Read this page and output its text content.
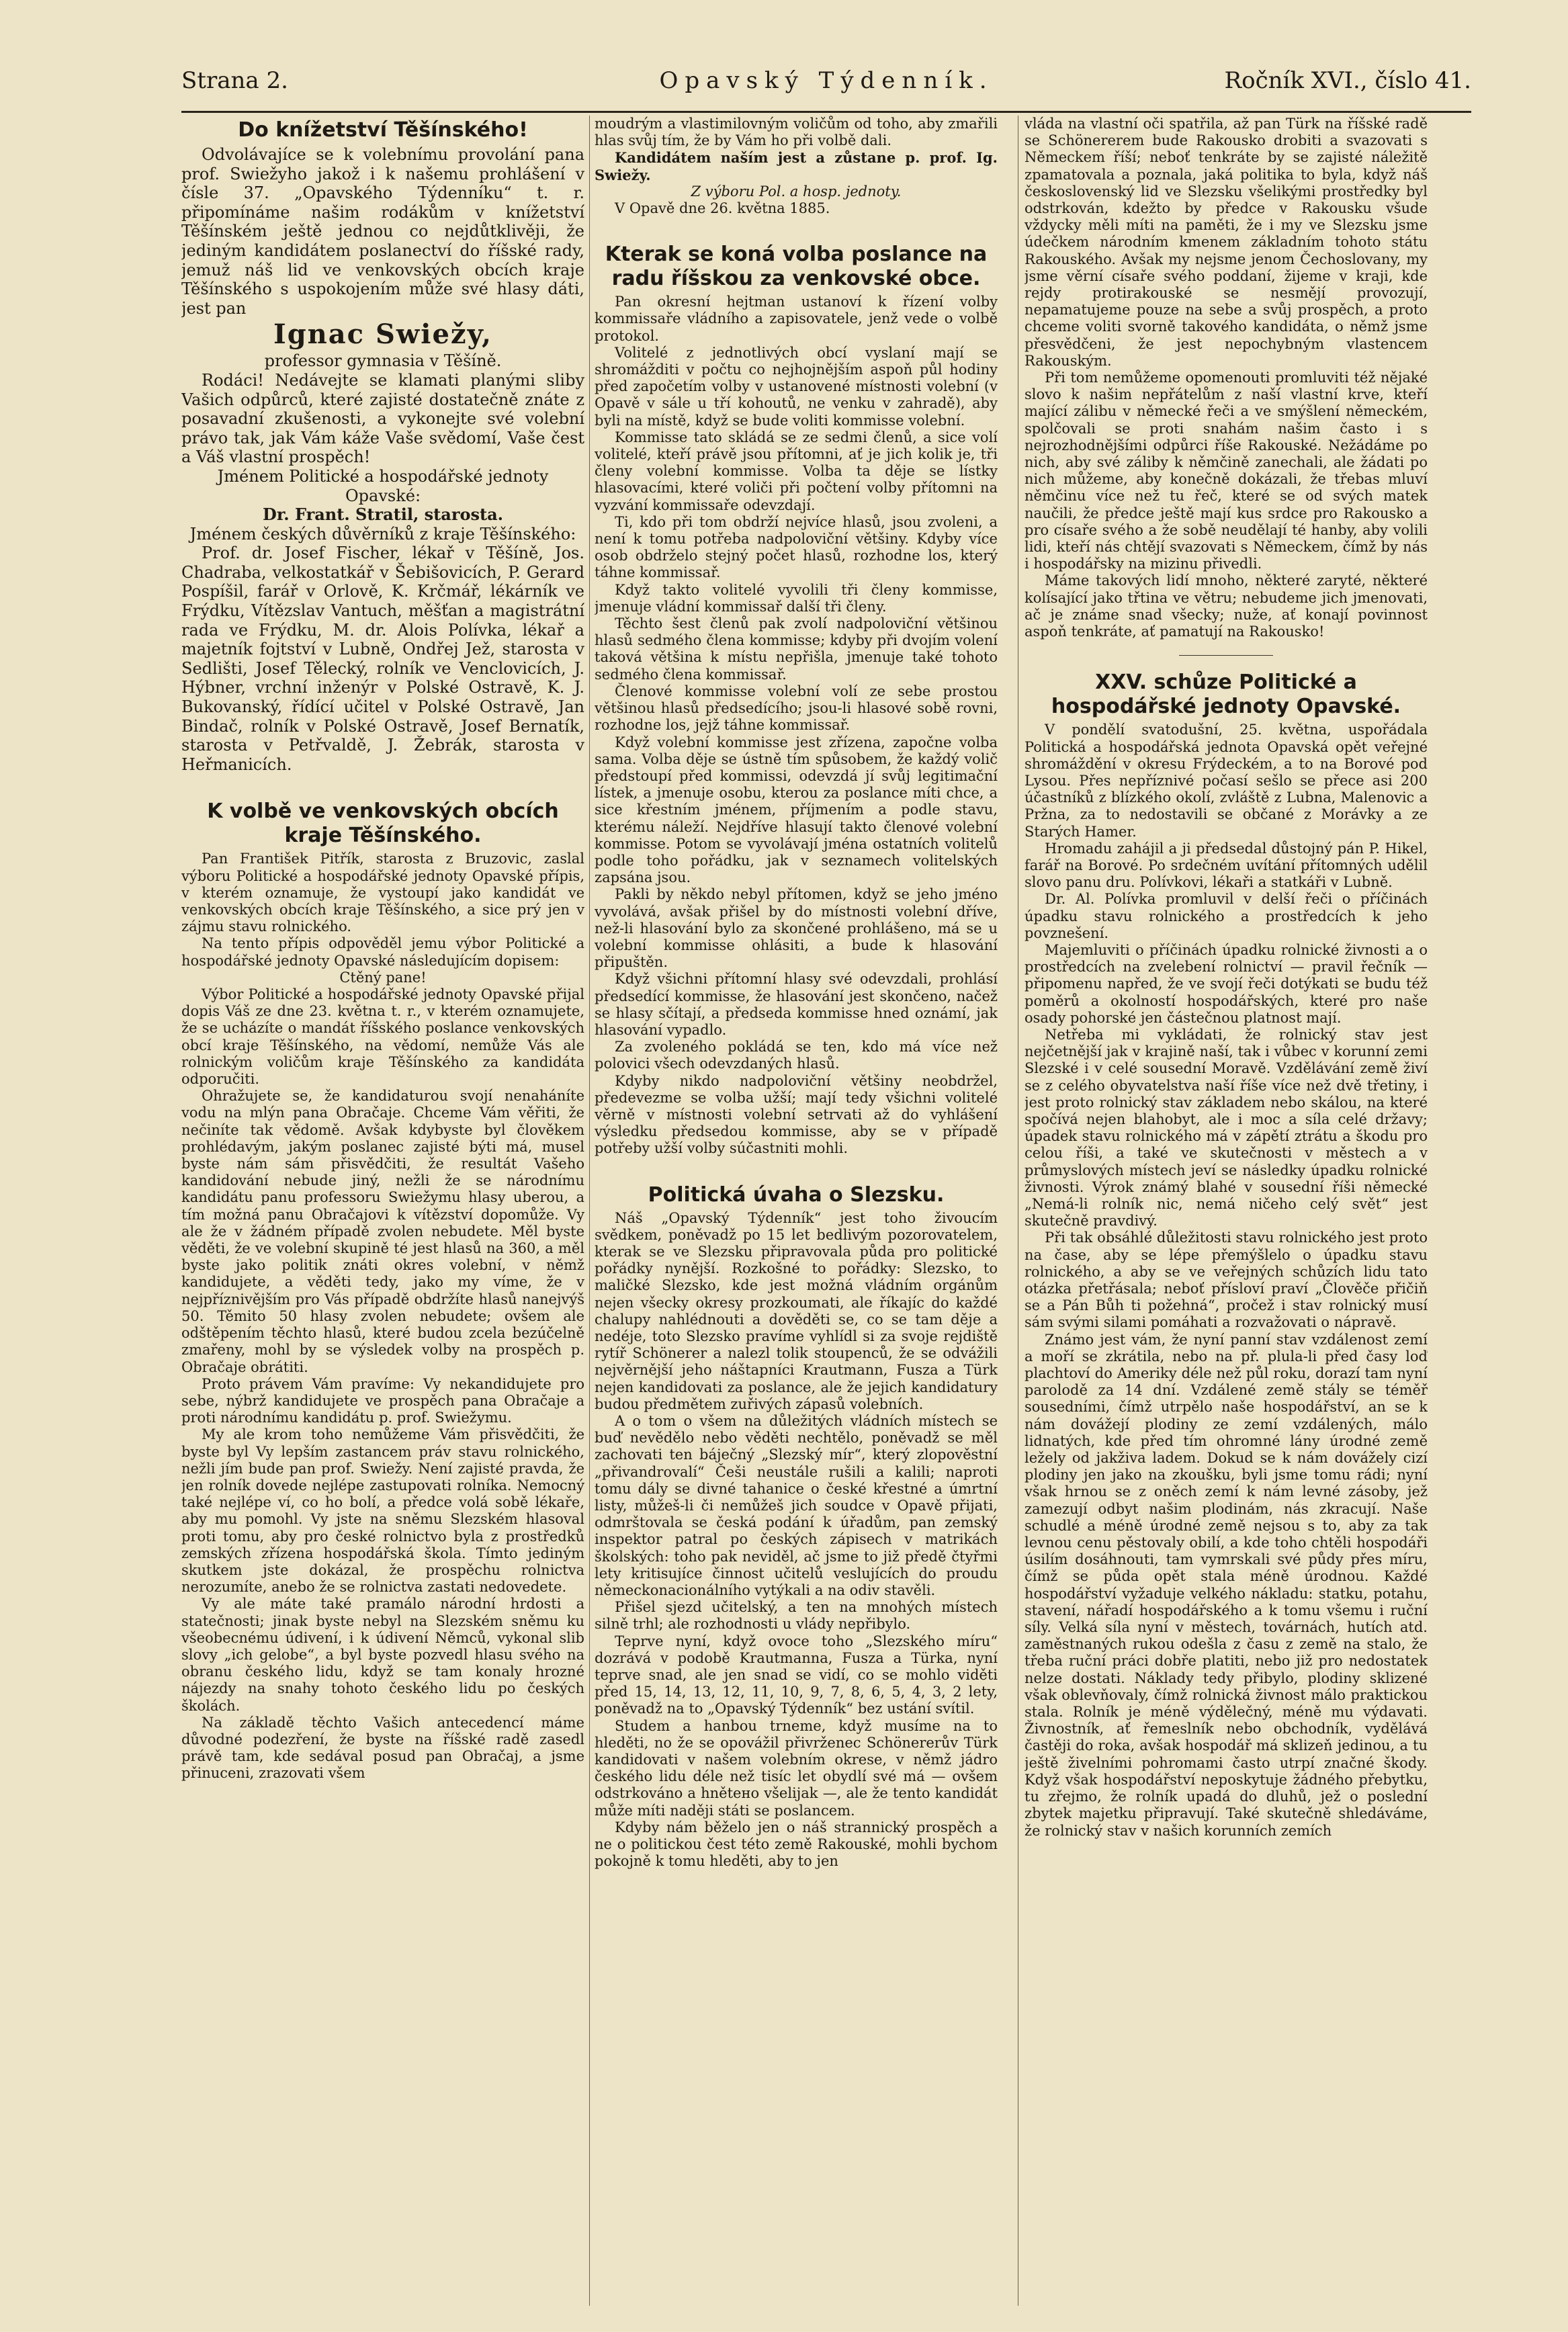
Strana 2.	Opavský Týdenník.	Ročník XVI., číslo 41.
Do knížetství Těšínského!

Odvolávajíce se k volebnímu provolání pana prof. Swiežyho jakož i k našemu prohlášení v čísle 37. „Opavského Týdenníku“ t. r. připomínáme našim rodákům v knížetství Těšínském ještě jednou co nejdůtklivěji, že jediným kandidátem poslanectví do říšské rady, jemuž náš lid ve venkovských obcích kraje Těšínského s uspokojením může své hlasy dáti, jest pan

Ignac Swiežy,

professor gymnasia v Těšíně.

Rodáci! Nedávejte se klamati planými sliby Vašich odpůrců, které zajisté dostatečně znáte z posavadní zkušenosti, a vykonejte své volební právo tak, jak Vám káže Vaše svědomí, Vaše čest a Váš vlastní prospěch!

Jménem Politické a hospodářské jednoty Opavské:

Dr. Frant. Stratil, starosta.

Jménem českých důvěrníků z kraje Těšínského:

Prof. dr. Josef Fischer, lékař v Těšíně, Jos. Chadraba, velkostatkář v Šebišovicích, P. Gerard Pospíšil, farář v Orlově, K. Krčmář, lékárník ve Frýdku, Vítězslav Vantuch, měšťan a magistrátní rada ve Frýdku, M. dr. Alois Polívka, lékař a majetník fojtství v Lubně, Ondřej Jež, starosta v Sedlišti, Josef Tělecký, rolník ve Venclovicích, J. Hýbner, vrchní inženýr v Polské Ostravě, K. J. Bukovanský, řídící učitel v Polské Ostravě, Jan Bindač, rolník v Polské Ostravě, Josef Bernatík, starosta v Petřvaldě, J. Žebrák, starosta v Heřmanicích.

K volbě ve venkovských obcích kraje Těšínského.

Pan František Pitřík, starosta z Bruzovic, zaslal výboru Politické a hospodářské jednoty Opavské přípis, v kterém oznamuje, že vystoupí jako kandidát ve venkovských obcích kraje Těšínského, a sice prý jen v zájmu stavu rolnického.

Na tento přípis odpověděl jemu výbor Politické a hospodářské jednoty Opavské následujícím dopisem:

Ctěný pane!

Výbor Politické a hospodářské jednoty Opavské přijal dopis Váš ze dne 23. května t. r., v kterém oznamujete, že se ucházíte o mandát říšského poslance venkovských obcí kraje Těšínského, na vědomí, nemůže Vás ale rolnickým voličům kraje Těšínského za kandidáta odporučiti.

Ohražujete se, že kandidaturou svojí nenaháníte vodu na mlýn pana Obračaje. Chceme Vám věřiti, že nečiníte tak vědomě. Avšak kdybyste byl člověkem prohlédavým, jakým poslanec zajisté býti má, musel byste nám sám přisvědčiti, že resultát Vašeho kandidování nebude jiný, nežli že se národnímu kandidátu panu professoru Swiežymu hlasy uberou, a tím možná panu Obračajovi k vítězství dopomůže. Vy ale že v žádném případě zvolen nebudete. Měl byste věděti, že ve volební skupině té jest hlasů na 360, a měl byste jako politik znáti okres volební, v němž kandidujete, a věděti tedy, jako my víme, že v nejpříznivějším pro Vás případě obdržíte hlasů nanejvýš 50. Těmito 50 hlasy zvolen nebudete; ovšem ale odštěpením těchto hlasů, které budou zcela bezúčelně zmařeny, mohl by se výsledek volby na prospěch p. Obračaje obrátiti.

Proto právem Vám pravíme: Vy nekandidujete pro sebe, nýbrž kandidujete ve prospěch pana Obračaje a proti národnímu kandidátu p. prof. Swiežymu.

My ale krom toho nemůžeme Vám přisvědčiti, že byste byl Vy lepším zastancem práv stavu rolnického, nežli jím bude pan prof. Swiežy. Není zajisté pravda, že jen rolník dovede nejlépe zastupovati rolníka. Nemocný také nejlépe ví, co ho bolí, a předce volá sobě lékaře, aby mu pomohl. Vy jste na sněmu Slezském hlasoval proti tomu, aby pro české rolnictvo byla z prostředků zemských zřízena hospodářská škola. Tímto jediným skutkem jste dokázal, že prospěchu rolnictva nerozumíte, anebo že se rolnictva zastati nedovedete.

Vy ale máte také pramálo národní hrdosti a statečnosti; jinak byste nebyl na Slezském sněmu ku všeobecnému údivení, i k údivení Němců, vykonal slib slovy „ich gelobe“, a byl byste pozvedl hlasu svého na obranu českého lidu, když se tam konaly hrozné nájezdy na snahy tohoto českého lidu po českých školách.

Na základě těchto Vašich antecedencí máme důvodné podezření, že byste na říšské radě zasedl právě tam, kde sedával posud pan Obračaj, a jsme přinuceni, zrazovati všem

moudrým a vlastimilovným voličům od toho, aby zmařili hlas svůj tím, že by Vám ho při volbě dali.

Kandidátem naším jest a zůstane p. prof. Ig. Swiežy.

Z výboru Pol. a hosp. jednoty.

V Opavě dne 26. května 1885.

Kterak se koná volba poslance na radu říšskou za venkovské obce.

Pan okresní hejtman ustanoví k řízení volby kommissaře vládního a zapisovatele, jenž vede o volbě protokol.

Volitelé z jednotlivých obcí vyslaní mají se shromážditi v počtu co nejhojnějším aspoň půl hodiny před započetím volby v ustanovené místnosti volební (v Opavě v sále u tří kohoutů, ne venku v zahradě), aby byli na místě, když se bude voliti kommisse volební.

Kommisse tato skládá se ze sedmi členů, a sice volí volitelé, kteří právě jsou přítomni, ať je jich kolik je, tři členy volební kommisse. Volba ta děje se lístky hlasovacími, které voliči při počtení volby přítomni na vyzvání kommissaře odevzdají.

Ti, kdo při tom obdrží nejvíce hlasů, jsou zvoleni, a není k tomu potřeba nadpoloviční většiny. Kdyby více osob obdrželo stejný počet hlasů, rozhodne los, který táhne kommissař.

Když takto volitelé vyvolili tři členy kommisse, jmenuje vládní kommissař další tři členy.

Těchto šest členů pak zvolí nadpoloviční většinou hlasů sedmého člena kommisse; kdyby při dvojím volení taková většina k místu nepřišla, jmenuje také tohoto sedmého člena kommissař.

Členové kommisse volební volí ze sebe prostou většinou hlasů předsedícího; jsou-li hlasové sobě rovni, rozhodne los, jejž táhne kommissař.

Když volební kommisse jest zřízena, započne volba sama. Volba děje se ústně tím spůsobem, že každý volič předstoupí před kommissi, odevzdá jí svůj legitimační lístek, a jmenuje osobu, kterou za poslance míti chce, a sice křestním jménem, příjmením a podle stavu, kterému náleží. Nejdříve hlasují takto členové volební kommisse. Potom se vyvolávají jména ostatních volitelů podle toho pořádku, jak v seznamech volitelských zapsána jsou.

Pakli by někdo nebyl přítomen, když se jeho jméno vyvolává, avšak přišel by do místnosti volební dříve, než-li hlasování bylo za skončené prohlášeno, má se u volební kommisse ohlásiti, a bude k hlasování připuštěn.

Když všichni přítomní hlasy své odevzdali, prohlásí předsedící kommisse, že hlasování jest skončeno, načež se hlasy sčítají, a předseda kommisse hned oznámí, jak hlasování vypadlo.

Za zvoleného pokládá se ten, kdo má více než polovici všech odevzdaných hlasů.

Kdyby nikdo nadpoloviční většiny neobdržel, předevezme se volba užší; mají tedy všichni volitelé věrně v místnosti volební setrvati až do vyhlášení výsledku předsedou kommisse, aby se v případě potřeby užší volby súčastniti mohli.

Politická úvaha o Slezsku.

Náš „Opavský Týdenník“ jest toho živoucím svědkem, poněvadž po 15 let bedlivým pozorovatelem, kterak se ve Slezsku připravovala půda pro politické pořádky nynější. Rozkošné to pořádky: Slezsko, to maličké Slezsko, kde jest možná vládním orgánům nejen všecky okresy prozkoumati, ale říkajíc do každé chalupy nahlédnouti a dověděti se, co se tam děje a nedéje, toto Slezsko pravíme vyhlídl si za svoje rejdiště rytíř Schönerer a nalezl tolik stoupenců, že se odvážili nejvěrnější jeho náštapníci Krautmann, Fusza a Türk nejen kandidovati za poslance, ale že jejich kandidatury budou předmětem zuřivých zápasů volebních.

A o tom o všem na důležitých vládních místech se buď nevědělo nebo věděti nechtělo, poněvadž se měl zachovati ten báječný „Slezský mír“, který zlopověstní „přivandrovalí“ Češi neustále rušili a kalili; naproti tomu dály se divné tahanice o české křestné a úmrtní listy, můžeš-li či nemůžeš jich soudce v Opavě přijati, odmrštovala se česká podání k úřadům, pan zemský inspektor patral po českých zápisech v matrikách školských: toho pak neviděl, ač jsme to již předě čtyřmi lety kritisujíce činnost učitelů veslujících do proudu německonacionálního vytýkali a na odiv stavěli.

Přišel sjezd učitelský, a ten na mnohých místech silně trhl; ale rozhodnosti u vlády nepřibylo.

Teprve nyní, když ovoce toho „Slezského míru“ dozrává v podobě Krautmanna, Fusza a Türka, nyní teprve snad, ale jen snad se vidí, co se mohlo viděti před 15, 14, 13, 12, 11, 10, 9, 7, 8, 6, 5, 4, 3, 2 lety, poněvadž na to „Opavský Týdenník“ bez ustání svítil.

Studem a hanbou trneme, když musíme na to hleděti, no že se opovážil přivrženec Schönererův Türk kandidovati v našem volebním okrese, v němž jádro českého lidu déle než tisíc let obydlí své má — ovšem odstrkováno a hnětено všelijak —, ale že tento kandidát může míti naději státi se poslancem.

Kdyby nám běželo jen o náš strannický prospěch a ne o politickou čest této země Rakouské, mohli bychom pokojně k tomu hleděti, aby to jen

vláda na vlastní oči spatřila, až pan Türk na říšské radě se Schönererem bude Rakousko drobiti a svazovati s Německem říší; neboť tenkráte by se zajisté náležitě zpamatovala a poznala, jaká politika to byla, když náš československý lid ve Slezsku všelikými prostředky byl odstrkován, kdežto by předce v Rakousku všude vždycky měli míti na paměti, že i my ve Slezsku jsme údečkem národním kmenem základním tohoto státu Rakouského. Avšak my nejsme jenom Čechoslovany, my jsme věrní císaře svého poddaní, žijeme v kraji, kde rejdy protirakouské se nesmějí provozují, nepamatujeme pouze na sebe a svůj prospěch, a proto chceme voliti svorně takového kandidáta, o němž jsme přesvědčeni, že jest nepochybným vlastencem Rakouským.

Při tom nemůžeme opomenouti promluviti též nějaké slovo k našim nepřátelům z naší vlastní krve, kteří mající zálibu v německé řeči a ve smýšlení německém, spolčovali se proti snahám našim často i s nejrozhodnějšími odpůrci říše Rakouské. Nežádáme po nich, aby své záliby k němčině zanechali, ale žádati po nich můžeme, aby konečně dokázali, že třebas mluví němčinu více než tu řeč, které se od svých matek naučili, že předce ještě mají kus srdce pro Rakousko a pro císaře svého a že sobě neudělají té hanby, aby volili lidi, kteří nás chtějí svazovati s Německem, čímž by nás i hospodářsky na mizinu přivedli.

Máme takových lidí mnoho, některé zaryté, některé kolísající jako třtina ve větru; nebudeme jich jmenovati, ač je známe snad všecky; nuže, ať konají povinnost aspoň tenkráte, ať pamatují na Rakousko!

XXV. schůze Politické a hospodářské jednoty Opavské.

V pondělí svatodušní, 25. května, uspořádala Politická a hospodářská jednota Opavská opět veřejné shromáždění v okresu Frýdeckém, a to na Borové pod Lysou. Přes nepříznivé počasí sešlo se přece asi 200 účastníků z blízkého okolí, zvláště z Lubna, Malenovic a Pržna, za to nedostavili se občané z Morávky a ze Starých Hamer.

Hromadu zahájil a ji předsedal důstojný pán P. Hikel, farář na Borové. Po srdečném uvítání přítomných udělil slovo panu dru. Polívkovi, lékaři a statkáři v Lubně.

Dr. Al. Polívka promluvil v delší řeči o příčinách úpadku stavu rolnického a prostředcích k jeho povznešení.

Majemluviti o příčinách úpadku rolnické živnosti a o prostředcích na zvelebení rolnictví — pravil řečník — připomenu napřed, že ve svojí řeči dotýkati se budu též poměrů a okolností hospodářských, které pro naše osady pohorské jen částečnou platnost mají.

Netřeba mi vykládati, že rolnický stav jest nejčetnější jak v krajině naší, tak i vůbec v korunní zemi Slezské i v celé sousední Moravě. Vzdělávání země živí se z celého obyvatelstva naší říše více než dvě třetiny, i jest proto rolnický stav základem nebo skálou, na které spočívá nejen blahobyt, ale i moc a síla celé državy; úpadek stavu rolnického má v zápětí ztrátu a škodu pro celou říši, a také ve skutečnosti v městech a v průmyslových místech jeví se následky úpadku rolnické živnosti. Výrok známý blahé v sousední říši německé „Nemá-li rolník nic, nemá ničeho celý svět“ jest skutečně pravdivý.

Při tak obsáhlé důležitosti stavu rolnického jest proto na čase, aby se lépe přemýšlelo o úpadku stavu rolnického, a aby se ve veřejných schůzích lidu tato otázka přetřásala; neboť přísloví praví „Člověče přičiň se a Pán Bůh ti požehná“, pročež i stav rolnický musí sám svými silami pomáhati a rozvažovati o nápravě.

Známo jest vám, že nyní panní stav vzdálenost zemí a moří se zkrátila, nebo na př. plula-li před časy loď plachtoví do Ameriky déle než půl roku, dorazí tam nyní parolodě za 14 dní. Vzdálené země stály se téměř sousedními, čímž utrpělo naše hospodářství, an se k nám dovážejí plodiny ze zemí vzdálených, málo lidnatých, kde před tím ohromné lány úrodné země ležely od jakživa ladem. Dokud se k nám dovážely cizí plodiny jen jako na zkoušku, byli jsme tomu rádi; nyní však hrnou se z oněch zemí k nám levné zásoby, jež zamezují odbyt našim plodinám, nás zkracují. Naše schudlé a méně úrodné země nejsou s to, aby za tak levnou cenu pěstovaly obilí, a kde toho chtěli hospodáři úsilím dosáhnouti, tam vymrskali své půdy přes míru, čímž se půda opět stala méně úrodnou. Každé hospodářství vyžaduje velkého nákladu: statku, potahu, stavení, nářadí hospodářského a k tomu všemu i ruční síly. Velká síla nyní v městech, továrnách, hutích atd. zaměstnaných rukou odešla z času z země na stalo, že třeba ruční práci dobře platiti, nebo již pro nedostatek nelze dostati. Náklady tedy přibylo, plodiny sklizené však oblevňovaly, čímž rolnická živnost málo praktickou stala. Rolník je méně výdělečný, méně mu výdavati. Živnostník, ať řemeslník nebo obchodník, vydělává častěji do roka, avšak hospodář má sklizeň jedinou, a tu ještě živelními pohromami často utrpí značné škody. Když však hospodářství neposkytuje žádného přebytku, tu zřejmo, že rolník upadá do dluhů, jež o poslední zbytek majetku připravují. Také skutečně shledáváme, že rolnický stav v našich korunních zemích
